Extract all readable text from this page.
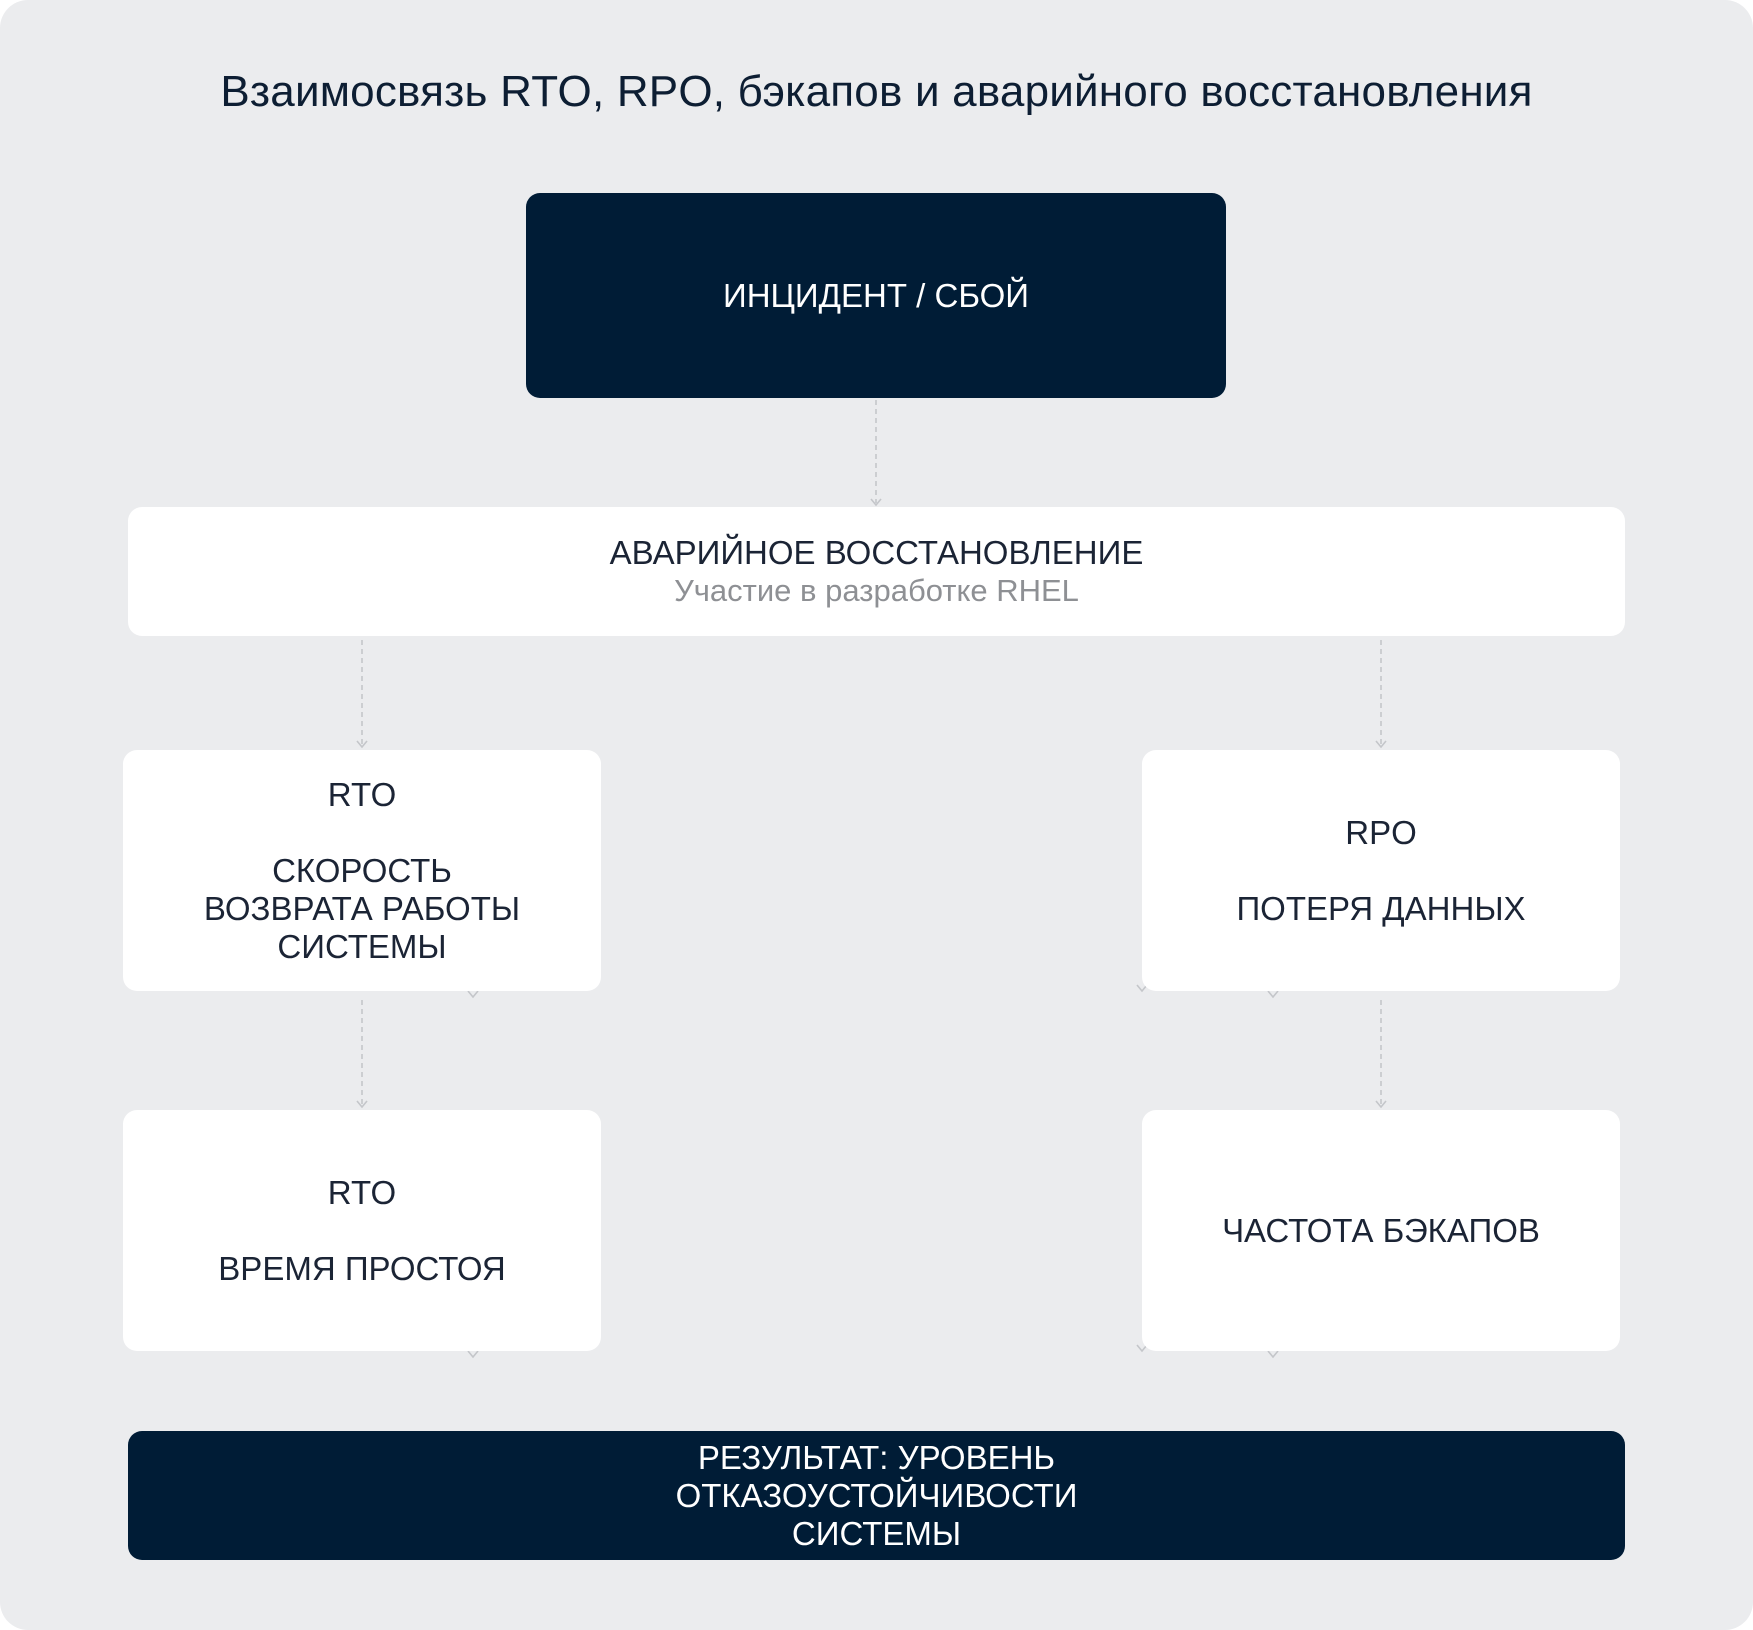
Взаимосвязь RTO, RPO, бэкапов и аварийного восстановления
ИНЦИДЕНТ / СБОЙ
АВАРИЙНОЕ ВОССТАНОВЛЕНИЕ
Участие в разработке RHEL
RTO

СКОРОСТЬ
ВОЗВРАТА РАБОТЫ
СИСТЕМЫ
RPO

ПОТЕРЯ ДАННЫХ
RTO

ВРЕМЯ ПРОСТОЯ
ЧАСТОТА БЭКАПОВ
РЕЗУЛЬТАТ: УРОВЕНЬ
ОТКАЗОУСТОЙЧИВОСТИ
СИСТЕМЫ
